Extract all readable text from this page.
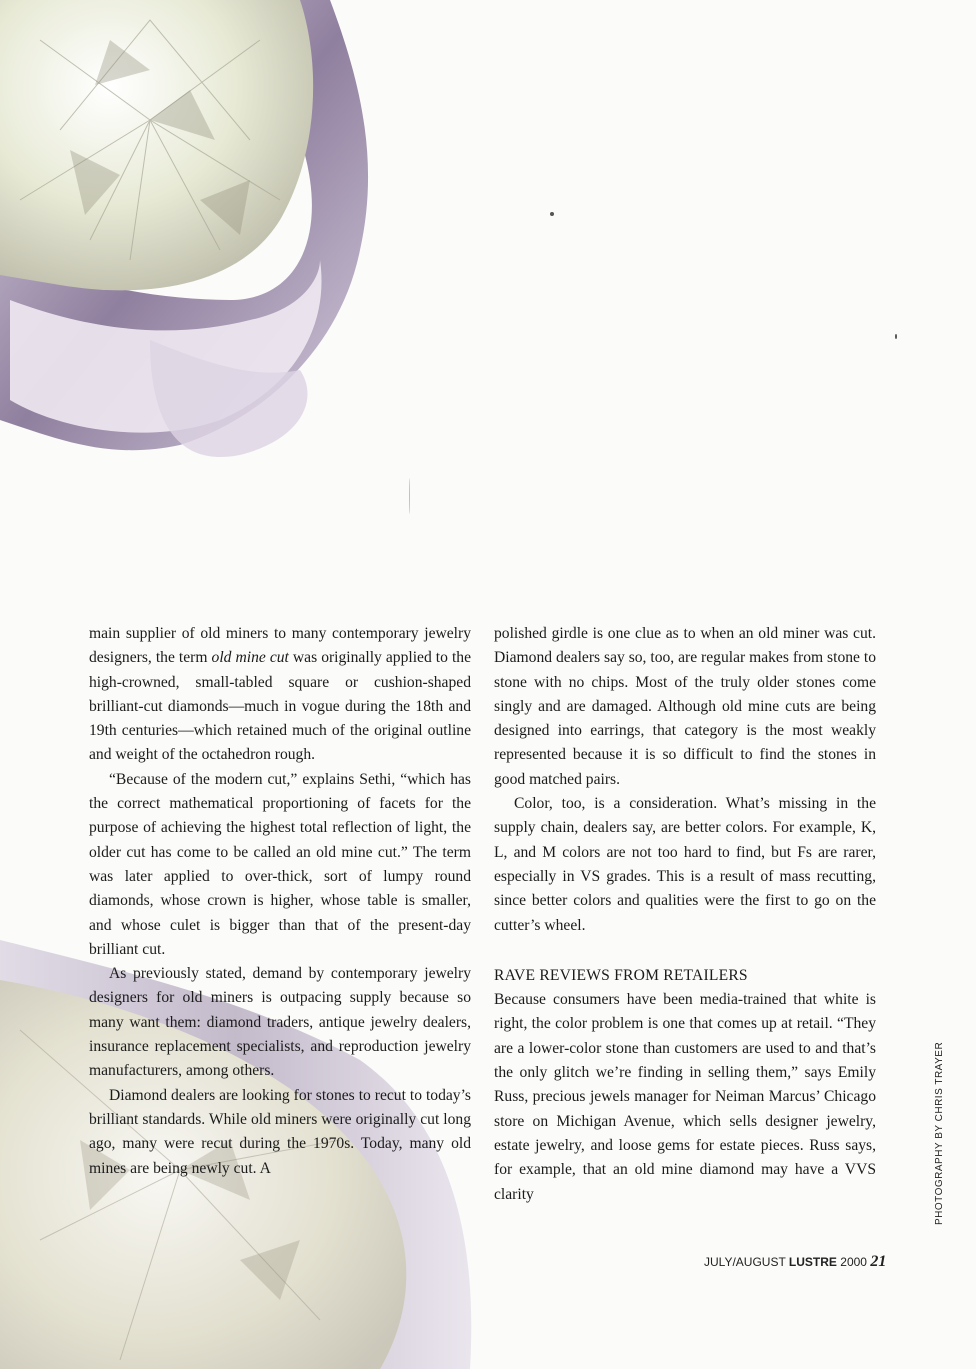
main supplier of old miners to many contemporary jewelry designers, the term old mine cut was originally applied to the high-crowned, small-tabled square or cushion-shaped brilliant-cut diamonds—much in vogue during the 18th and 19th centuries—which retained much of the original outline and weight of the octahedron rough.

“Because of the modern cut,” explains Sethi, “which has the correct mathematical proportioning of facets for the purpose of achieving the highest total reflection of light, the older cut has come to be called an old mine cut.” The term was later applied to over-thick, sort of lumpy round diamonds, whose crown is higher, whose table is smaller, and whose culet is bigger than that of the present-day brilliant cut.

As previously stated, demand by contemporary jewelry designers for old miners is outpacing supply because so many want them: diamond traders, antique jewelry dealers, insurance replacement specialists, and reproduction jewelry manufacturers, among others.

Diamond dealers are looking for stones to recut to today’s brilliant standards. While old miners were originally cut long ago, many were recut during the 1970s. Today, many old mines are being newly cut. A

polished girdle is one clue as to when an old miner was cut. Diamond dealers say so, too, are regular makes from stone to stone with no chips. Most of the truly older stones come singly and are damaged. Although old mine cuts are being designed into earrings, that category is the most weakly represented because it is so difficult to find the stones in good matched pairs.

Color, too, is a consideration. What’s missing in the supply chain, dealers say, are better colors. For example, K, L, and M colors are not too hard to find, but Fs are rarer, especially in VS grades. This is a result of mass recutting, since better colors and qualities were the first to go on the cutter’s wheel.

RAVE REVIEWS FROM RETAILERS

Because consumers have been media-trained that white is right, the color problem is one that comes up at retail. “They are a lower-color stone than customers are used to and that’s the only glitch we’re finding in selling them,” says Emily Russ, precious jewels manager for Neiman Marcus’ Chicago store on Michigan Avenue, which sells designer jewelry, estate jewelry, and loose gems for estate pieces. Russ says, for example, that an old mine diamond may have a VVS clarity	PHOTOGRAPHY BY CHRIS TRAYER
JULY/AUGUST LUSTRE 2000 21
